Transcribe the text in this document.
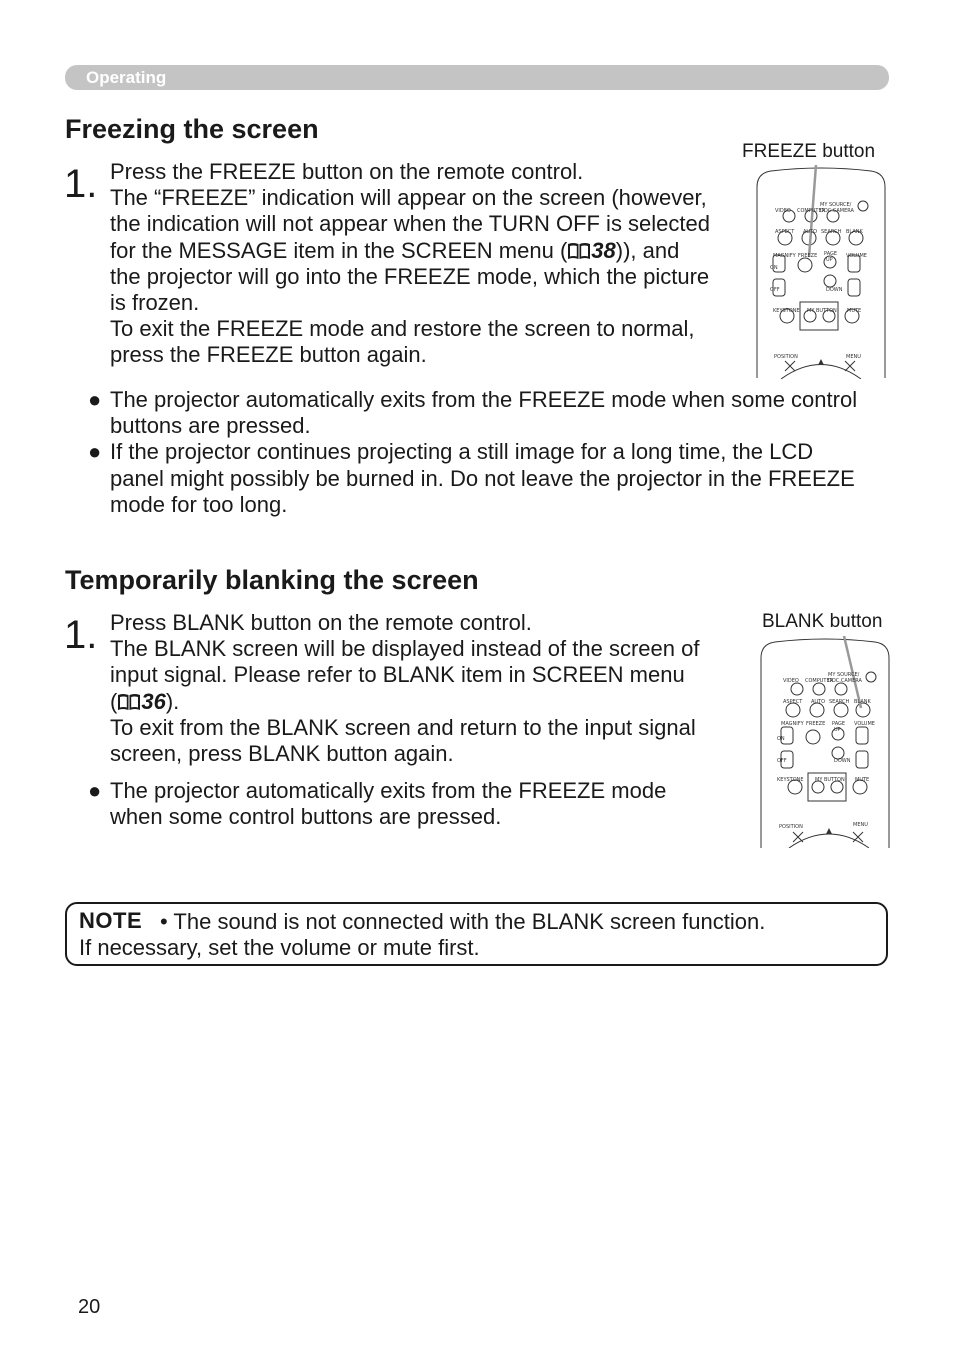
Operating
Freezing the screen
1. Press the FREEZE button on the remote control.
The “FREEZE” indication will appear on the screen (however,
the indication will not appear when the TURN OFF is selected
for the MESSAGE item in the SCREEN menu ( 38)), and
the projector will go into the FREEZE mode, which the picture
is frozen.
To exit the FREEZE mode and restore the screen to normal,
press the FREEZE button again.
● The projector automatically exits from the FREEZE mode when some control
buttons are pressed.
● If the projector continues projecting a still image for a long time, the LCD
panel might possibly be burned in. Do not leave the projector in the FREEZE
mode for too long.
FREEZE button
VIDEO COMPUTER
MY SOURCE/
DOC.CAMERA
ASPECT AUTO SEARCH BLANK
MAGNIFY FREEZE PAGE
UP
VOLUME
ON
OFF	DOWN
KEYSTONE MY BUTTON MUTE
POSITION	MENU
Temporarily blanking the screen
1. Press BLANK button on the remote control.
The BLANK screen will be displayed instead of the screen of
input signal. Please refer to BLANK item in SCREEN menu
( 36).
To exit from the BLANK screen and return to the input signal
screen, press BLANK button again.
● The projector automatically exits from the FREEZE mode
when some control buttons are pressed.
BLANK button
VIDEO COMPUTER
MY SOURCE/
DOC.CAMERA
ASPECT AUTO SEARCH BLANK
MAGNIFY FREEZE PAGE
UP
VOLUME
ON
OFF	DOWN
KEYSTONE MY BUTTON MUTE
POSITION	MENU
NOTE • The sound is not connected with the BLANK screen function.
If necessary, set the volume or mute first.
20
